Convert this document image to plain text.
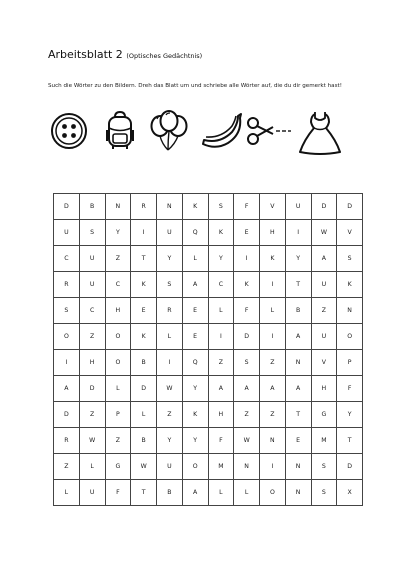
Arbeitsblatt 2 (Optisches Gedächtnis)
Such die Wörter zu den Bildern. Dreh das Blatt um und schriebe alle Wörter auf, die du dir gemerkt hast!
D	B	N	R	N	K	S	F	V	U	D	D
U	S	Y	I	U	Q	K	E	H	I	W	V
C	U	Z	T	Y	L	Y	I	K	Y	A	S
R	U	C	K	S	A	C	K	I	T	U	K
S	C	H	E	R	E	L	F	L	B	Z	N
O	Z	O	K	L	E	I	D	I	A	U	O
I	H	O	B	I	Q	Z	S	Z	N	V	P
A	D	L	D	W	Y	A	A	A	A	H	F
D	Z	P	L	Z	K	H	Z	Z	T	G	Y
R	W	Z	B	Y	Y	F	W	N	E	M	T
Z	L	G	W	U	O	M	N	I	N	S	D
L	U	F	T	B	A	L	L	O	N	S	X
